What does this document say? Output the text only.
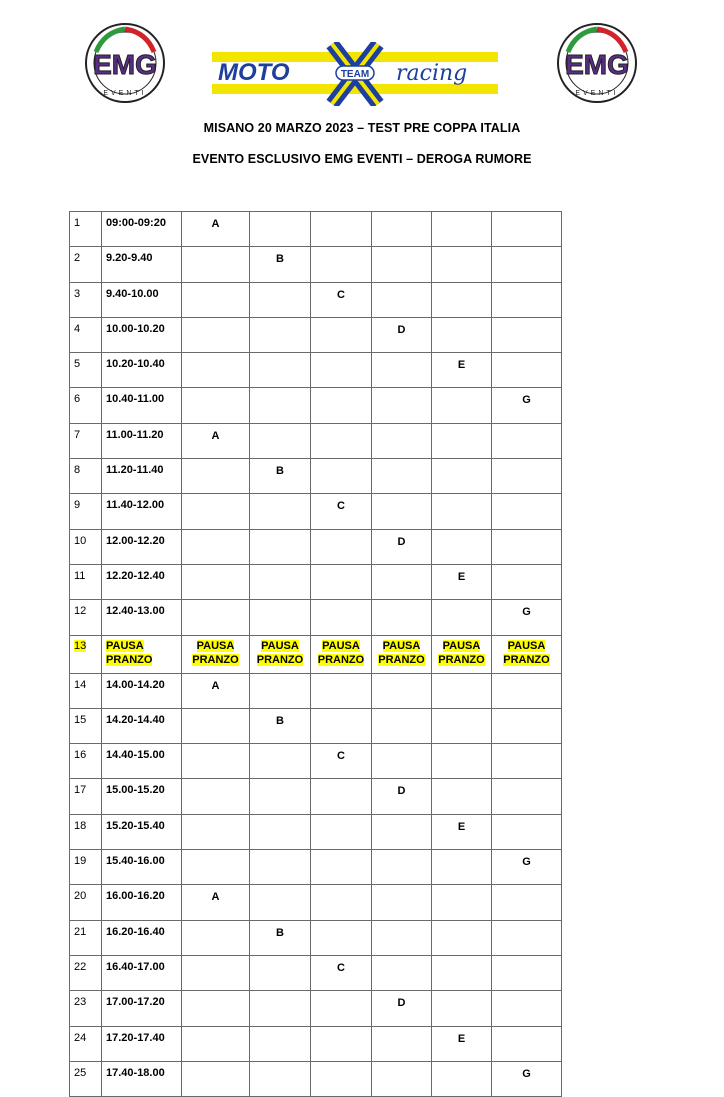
EMG
EVENTI
MOTO	TEAM racing	EMG
EVENTI
MISANO 20 MARZO 2023 – TEST PRE COPPA ITALIA
EVENTO ESCLUSIVO EMG EVENTI – DEROGA RUMORE
1	09:00-09:20	A					
2	9.20-9.40		B				
3	9.40-10.00			C			
4	10.00-10.20				D		
5	10.20-10.40					E	
6	10.40-11.00						G
7	11.00-11.20	A					
8	11.20-11.40		B				
9	11.40-12.00			C			
10	12.00-12.20				D		
11	12.20-12.40					E	
12	12.40-13.00						G
13	PAUSA PRANZO	PAUSA PRANZO	PAUSA PRANZO	PAUSA PRANZO	PAUSA PRANZO	PAUSA PRANZO	PAUSA PRANZO
14	14.00-14.20	A					
15	14.20-14.40		B				
16	14.40-15.00			C			
17	15.00-15.20				D		
18	15.20-15.40					E	
19	15.40-16.00						G
20	16.00-16.20	A					
21	16.20-16.40		B				
22	16.40-17.00			C			
23	17.00-17.20				D		
24	17.20-17.40					E	
25	17.40-18.00						G
